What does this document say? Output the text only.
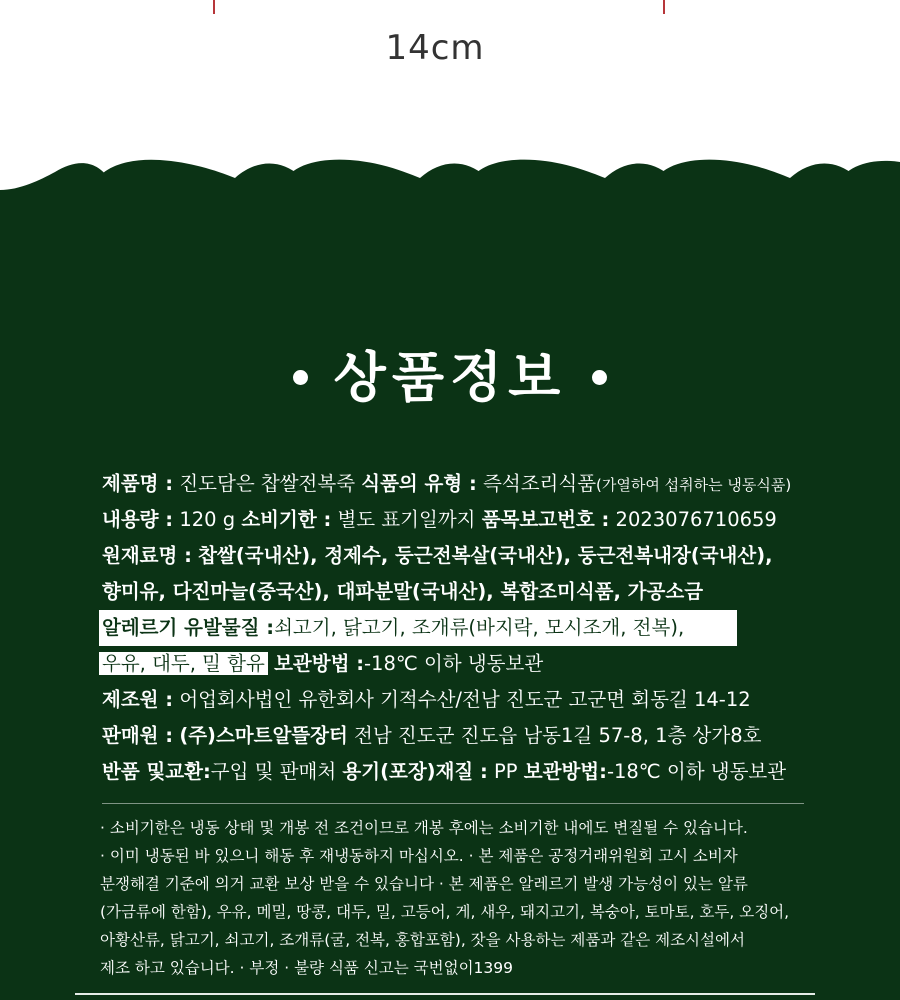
14cm
상품정보
제품명 : 진도담은 찹쌀전복죽 식품의 유형 : 즉석조리식품(가열하여 섭취하는 냉동식품)
내용량 : 120 g 소비기한 : 별도 표기일까지 품목보고번호 : 2023076710659
원재료명 : 찹쌀(국내산), 정제수, 둥근전복살(국내산), 둥근전복내장(국내산),
향미유, 다진마늘(중국산), 대파분말(국내산), 복합조미식품, 가공소금
알레르기 유발물질 :쇠고기, 닭고기, 조개류(바지락, 모시조개, 전복),
우유, 대두, 밀 함유 보관방법 :-18℃ 이하 냉동보관
제조원 : 어업회사법인 유한회사 기적수산/전남 진도군 고군면 회동길 14-12
판매원 : (주)스마트알뜰장터 전남 진도군 진도읍 남동1길 57-8, 1층 상가8호
반품 및교환:구입 및 판매처 용기(포장)재질 : PP 보관방법:-18℃ 이하 냉동보관
· 소비기한은 냉동 상태 및 개봉 전 조건이므로 개봉 후에는 소비기한 내에도 변질될 수 있습니다.
· 이미 냉동된 바 있으니 해동 후 재냉동하지 마십시오. · 본 제품은 공정거래위원회 고시 소비자
분쟁해결 기준에 의거 교환 보상 받을 수 있습니다 · 본 제품은 알레르기 발생 가능성이 있는 알류
(가금류에 한함), 우유, 메밀, 땅콩, 대두, 밀, 고등어, 게, 새우, 돼지고기, 복숭아, 토마토, 호두, 오징어,
아황산류, 닭고기, 쇠고기, 조개류(굴, 전복, 홍합포함), 잣을 사용하는 제품과 같은 제조시설에서
제조 하고 있습니다. · 부정 · 불량 식품 신고는 국번없이1399
